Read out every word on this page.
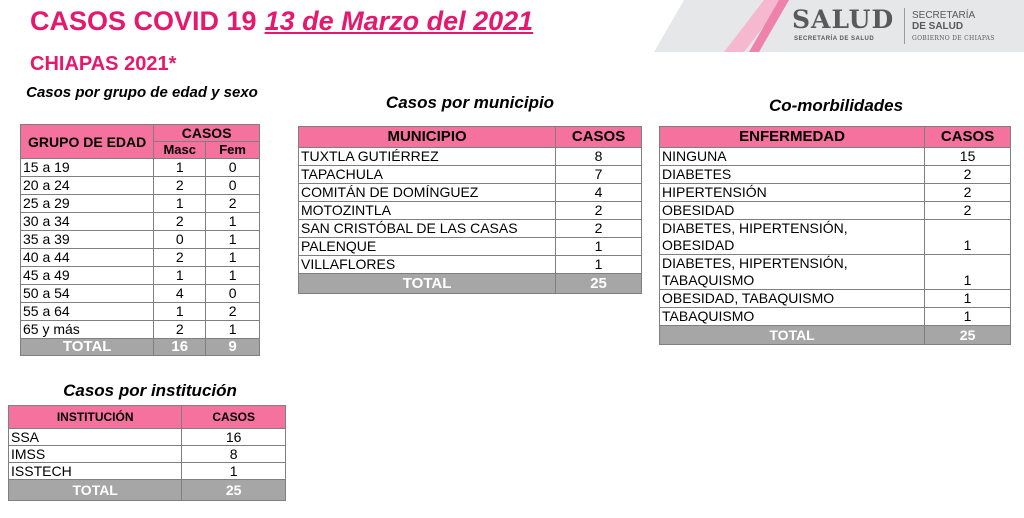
CASOS COVID 19 13 de Marzo del 2021
CHIAPAS 2021*
SALUD
SECRETARÍA DE SALUD
SECRETARÍA
DE SALUD
GOBIERNO DE CHIAPAS
Casos por grupo de edad y sexo
GRUPO DE EDAD	CASOS	
	Masc	Fem
15 a 19	1	0
20 a 24	2	0
25 a 29	1	2
30 a 34	2	1
35 a 39	0	1
40 a 44	2	1
45 a 49	1	1
50 a 54	4	0
55 a 64	1	2
65 y más	2	1
TOTAL	16	9
Casos por institución
INSTITUCIÓN	CASOS
SSA	16
IMSS	8
ISSTECH	1
TOTAL	25
Casos por municipio
MUNICIPIO	CASOS
TUXTLA GUTIÉRREZ	8
TAPACHULA	7
COMITÁN DE DOMÍNGUEZ	4
MOTOZINTLA	2
SAN CRISTÓBAL DE LAS CASAS	2
PALENQUE	1
VILLAFLORES	1
TOTAL	25
Co-morbilidades
ENFERMEDAD	CASOS

NINGUNA	15

DIABETES	2

HIPERTENSIÓN	2

OBESIDAD	2

DIABETES, HIPERTENSIÓN,
OBESIDAD	1

DIABETES, HIPERTENSIÓN,
TABAQUISMO	1

OBESIDAD, TABAQUISMO	1

TABAQUISMO	1
TOTAL	25
